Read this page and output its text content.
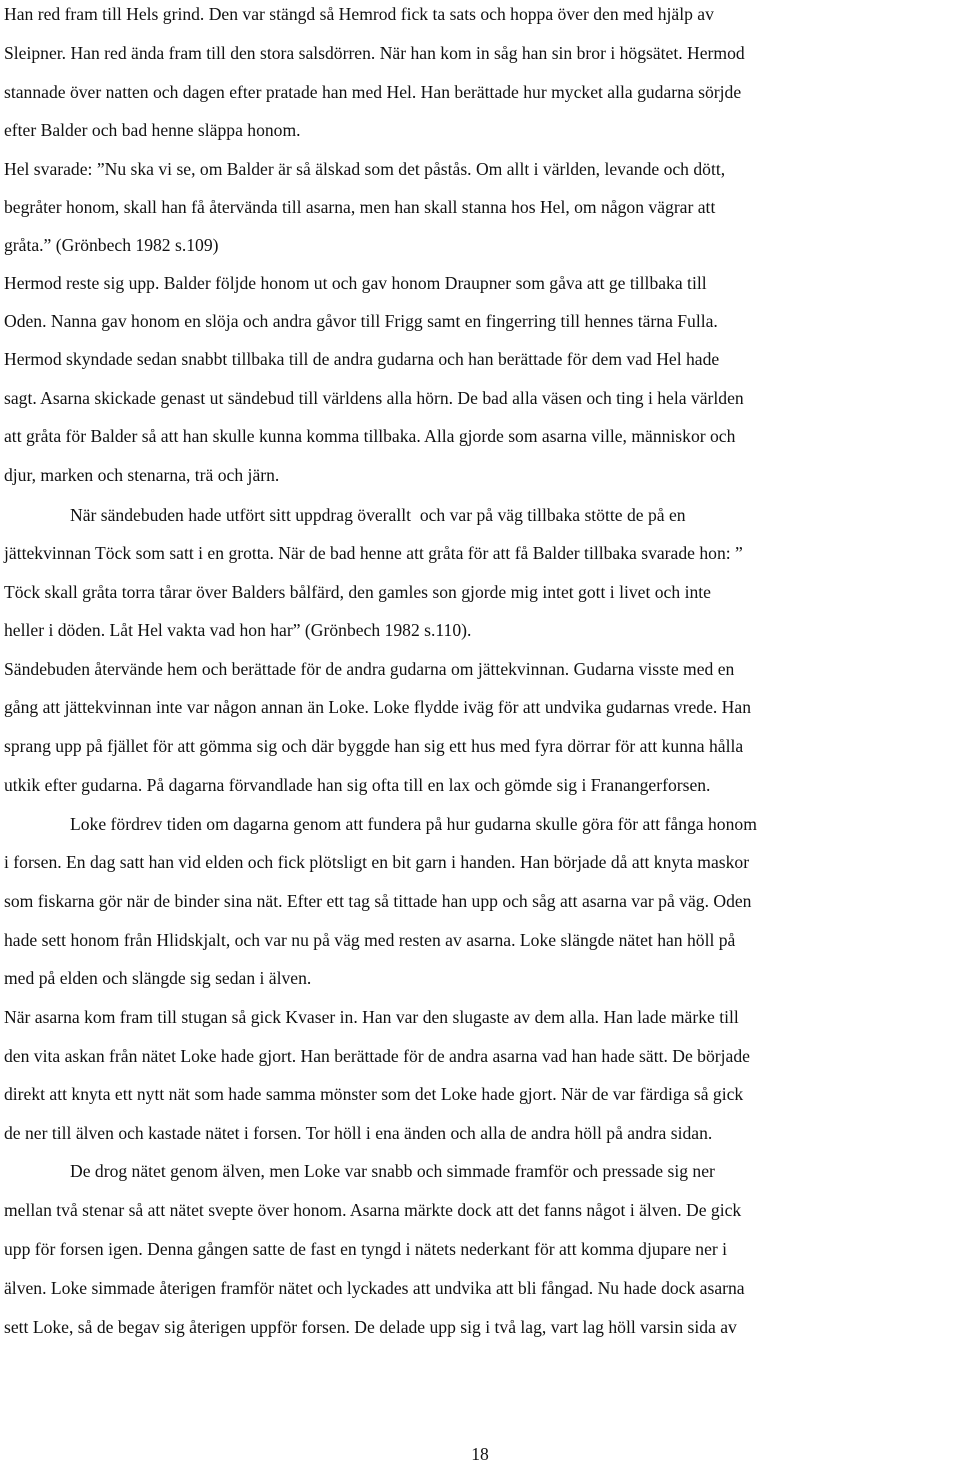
Han red fram till Hels grind. Den var stängd så Hemrod fick ta sats och hoppa över den med hjälp av
Sleipner. Han red ända fram till den stora salsdörren. När han kom in såg han sin bror i högsätet. Hermod
stannade över natten och dagen efter pratade han med Hel. Han berättade hur mycket alla gudarna sörjde
efter Balder och bad henne släppa honom.
Hel svarade: ”Nu ska vi se, om Balder är så älskad som det påstås. Om allt i världen, levande och dött,
begråter honom, skall han få återvända till asarna, men han skall stanna hos Hel, om någon vägrar att
gråta.” (Grönbech 1982 s.109)
Hermod reste sig upp. Balder följde honom ut och gav honom Draupner som gåva att ge tillbaka till
Oden. Nanna gav honom en slöja och andra gåvor till Frigg samt en fingerring till hennes tärna Fulla.
Hermod skyndade sedan snabbt tillbaka till de andra gudarna och han berättade för dem vad Hel hade
sagt. Asarna skickade genast ut sändebud till världens alla hörn. De bad alla väsen och ting i hela världen
att gråta för Balder så att han skulle kunna komma tillbaka. Alla gjorde som asarna ville, människor och
djur, marken och stenarna, trä och järn.
När sändebuden hade utfört sitt uppdrag överallt  och var på väg tillbaka stötte de på en
jättekvinnan Töck som satt i en grotta. När de bad henne att gråta för att få Balder tillbaka svarade hon: ”
Töck skall gråta torra tårar över Balders bålfärd, den gamles son gjorde mig intet gott i livet och inte
heller i döden. Låt Hel vakta vad hon har” (Grönbech 1982 s.110).
Sändebuden återvände hem och berättade för de andra gudarna om jättekvinnan. Gudarna visste med en
gång att jättekvinnan inte var någon annan än Loke. Loke flydde iväg för att undvika gudarnas vrede. Han
sprang upp på fjället för att gömma sig och där byggde han sig ett hus med fyra dörrar för att kunna hålla
utkik efter gudarna. På dagarna förvandlade han sig ofta till en lax och gömde sig i Franangerforsen.
Loke fördrev tiden om dagarna genom att fundera på hur gudarna skulle göra för att fånga honom
i forsen. En dag satt han vid elden och fick plötsligt en bit garn i handen. Han började då att knyta maskor
som fiskarna gör när de binder sina nät. Efter ett tag så tittade han upp och såg att asarna var på väg. Oden
hade sett honom från Hlidskjalt, och var nu på väg med resten av asarna. Loke slängde nätet han höll på
med på elden och slängde sig sedan i älven.
När asarna kom fram till stugan så gick Kvaser in. Han var den slugaste av dem alla. Han lade märke till
den vita askan från nätet Loke hade gjort. Han berättade för de andra asarna vad han hade sätt. De började
direkt att knyta ett nytt nät som hade samma mönster som det Loke hade gjort. När de var färdiga så gick
de ner till älven och kastade nätet i forsen. Tor höll i ena änden och alla de andra höll på andra sidan.
De drog nätet genom älven, men Loke var snabb och simmade framför och pressade sig ner
mellan två stenar så att nätet svepte över honom. Asarna märkte dock att det fanns något i älven. De gick
upp för forsen igen. Denna gången satte de fast en tyngd i nätets nederkant för att komma djupare ner i
älven. Loke simmade återigen framför nätet och lyckades att undvika att bli fångad. Nu hade dock asarna
sett Loke, så de begav sig återigen uppför forsen. De delade upp sig i två lag, vart lag höll varsin sida av
18
